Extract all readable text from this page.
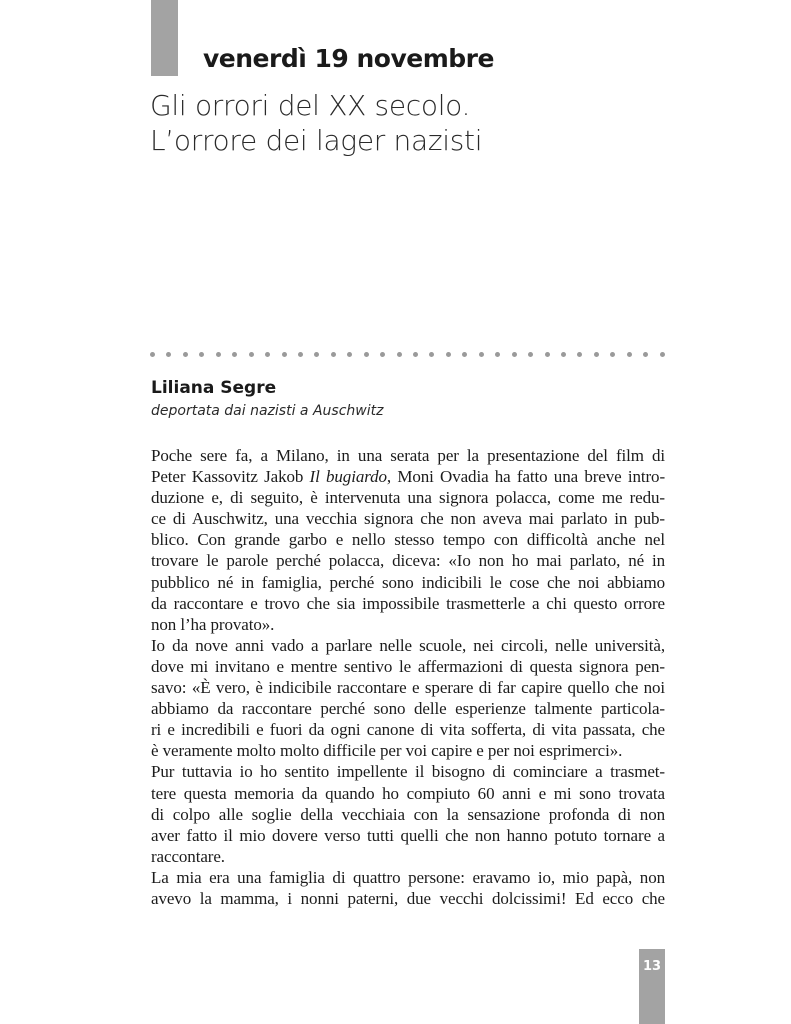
venerdì 19 novembre
Gli orrori del XX secolo.
L’orrore dei lager nazisti

Liliana Segre

deportata dai nazisti a Auschwitz

Poche sere fa, a Milano, in una serata per la presentazione del film di
Peter Kassovitz Jakob Il bugiardo, Moni Ovadia ha fatto una breve intro-
duzione e, di seguito, è intervenuta una signora polacca, come me redu-
ce di Auschwitz, una vecchia signora che non aveva mai parlato in pub-
blico. Con grande garbo e nello stesso tempo con difficoltà anche nel
trovare le parole perché polacca, diceva: «Io non ho mai parlato, né in
pubblico né in famiglia, perché sono indicibili le cose che noi abbiamo
da raccontare e trovo che sia impossibile trasmetterle a chi questo orrore
non l’ha provato».
Io da nove anni vado a parlare nelle scuole, nei circoli, nelle università,
dove mi invitano e mentre sentivo le affermazioni di questa signora pen-
savo: «È vero, è indicibile raccontare e sperare di far capire quello che noi
abbiamo da raccontare perché sono delle esperienze talmente particola-
ri e incredibili e fuori da ogni canone di vita sofferta, di vita passata, che
è veramente molto molto difficile per voi capire e per noi esprimerci».
Pur tuttavia io ho sentito impellente il bisogno di cominciare a trasmet-
tere questa memoria da quando ho compiuto 60 anni e mi sono trovata
di colpo alle soglie della vecchiaia con la sensazione profonda di non
aver fatto il mio dovere verso tutti quelli che non hanno potuto tornare a
raccontare.
La mia era una famiglia di quattro persone: eravamo io, mio papà, non
avevo la mamma, i nonni paterni, due vecchi dolcissimi! Ed ecco che
13
